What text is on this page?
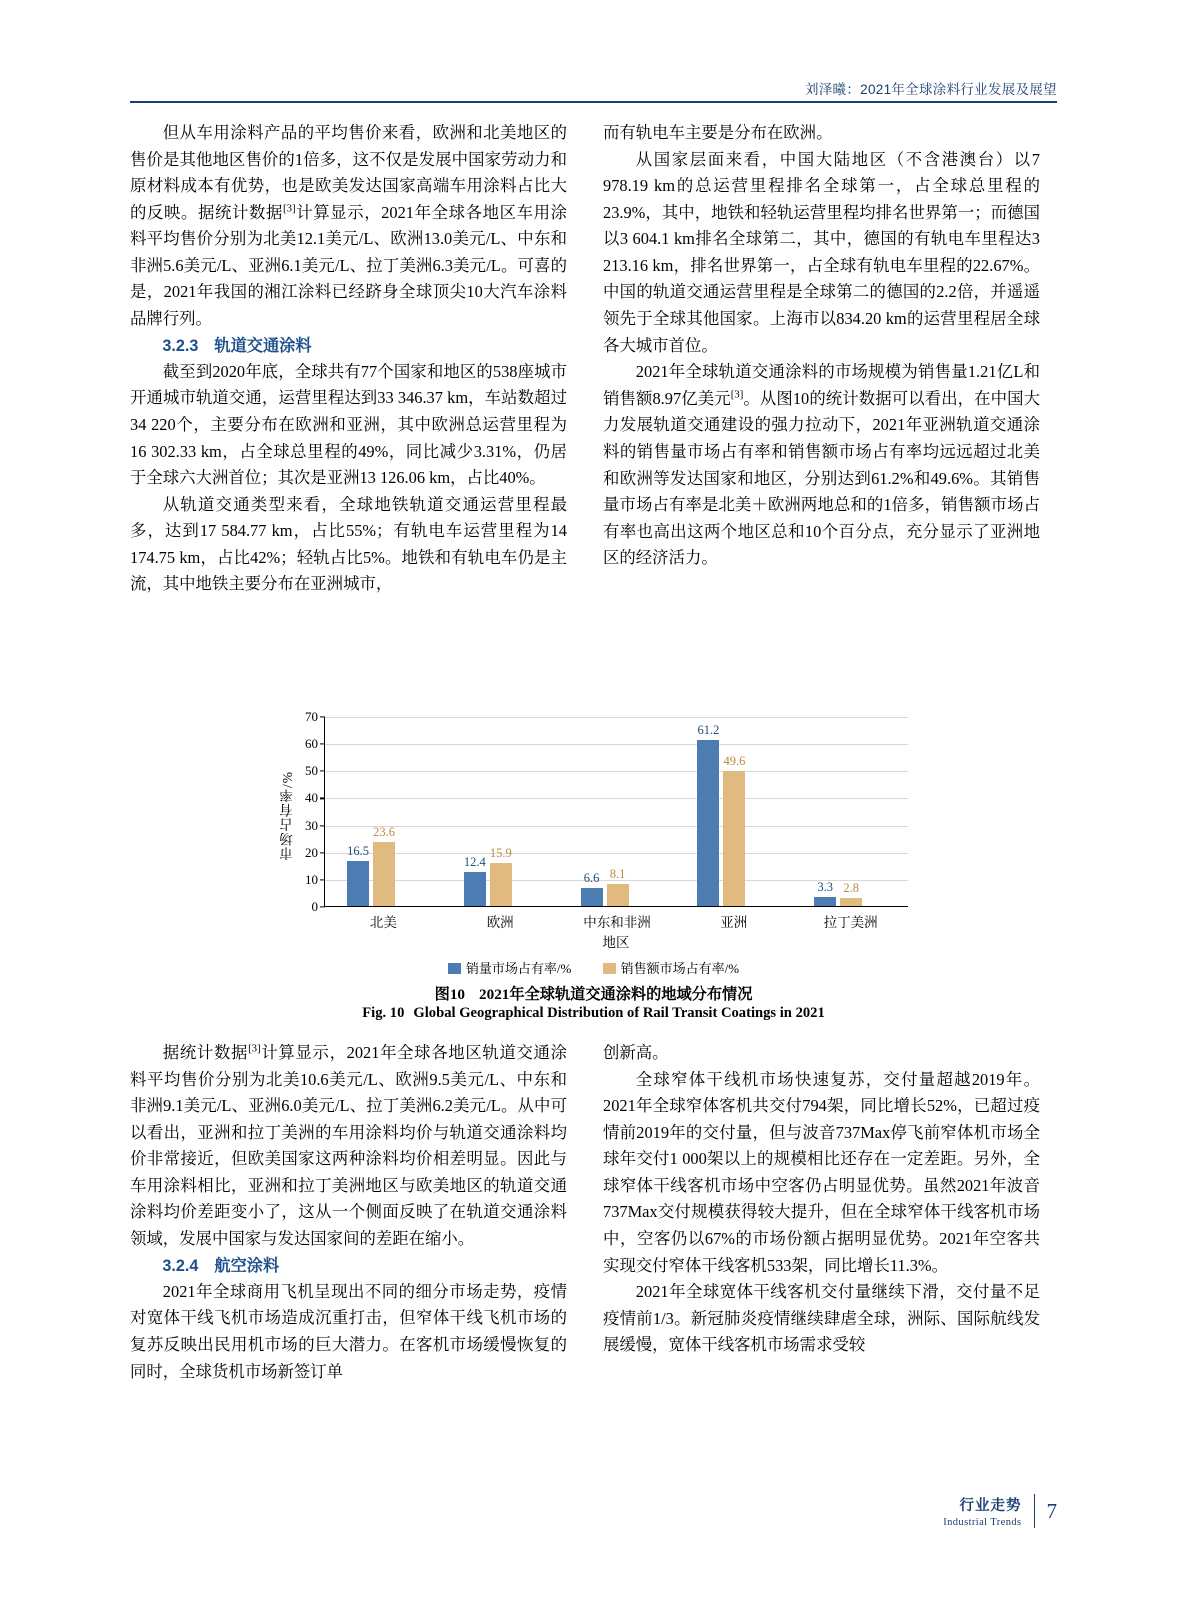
刘泽曦：2021年全球涂料行业发展及展望

但从车用涂料产品的平均售价来看，欧洲和北美地区的售价是其他地区售价的1倍多，这不仅是发展中国家劳动力和原材料成本有优势，也是欧美发达国家高端车用涂料占比大的反映。据统计数据[3]计算显示，2021年全球各地区车用涂料平均售价分别为北美12.1美元/L、欧洲13.0美元/L、中东和非洲5.6美元/L、亚洲6.1美元/L、拉丁美洲6.3美元/L。可喜的是，2021年我国的湘江涂料已经跻身全球顶尖10大汽车涂料品牌行列。

3.2.3 轨道交通涂料

截至到2020年底，全球共有77个国家和地区的538座城市开通城市轨道交通，运营里程达到33 346.37 km，车站数超过34 220个，主要分布在欧洲和亚洲，其中欧洲总运营里程为16 302.33 km，占全球总里程的49%，同比减少3.31%，仍居于全球六大洲首位；其次是亚洲13 126.06 km，占比40%。

从轨道交通类型来看，全球地铁轨道交通运营里程最多，达到17 584.77 km，占比55%；有轨电车运营里程为14 174.75 km，占比42%；轻轨占比5%。地铁和有轨电车仍是主流，其中地铁主要分布在亚洲城市，

而有轨电车主要是分布在欧洲。

从国家层面来看，中国大陆地区（不含港澳台）以7 978.19 km的总运营里程排名全球第一，占全球总里程的23.9%，其中，地铁和轻轨运营里程均排名世界第一；而德国以3 604.1 km排名全球第二，其中，德国的有轨电车里程达3 213.16 km，排名世界第一，占全球有轨电车里程的22.67%。中国的轨道交通运营里程是全球第二的德国的2.2倍，并遥遥领先于全球其他国家。上海市以834.20 km的运营里程居全球各大城市首位。

2021年全球轨道交通涂料的市场规模为销售量1.21亿L和销售额8.97亿美元[3]。从图10的统计数据可以看出，在中国大力发展轨道交通建设的强力拉动下，2021年亚洲轨道交通涂料的销售量市场占有率和销售额市场占有率均远远超过北美和欧洲等发达国家和地区，分别达到61.2%和49.6%。其销售量市场占有率是北美＋欧洲两地总和的1倍多，销售额市场占有率也高出这两个地区总和10个百分点，充分显示了亚洲地区的经济活力。

市场占有率/%
0
10
20
30
40
50
60
70
16.5
23.6
北美
12.4
15.9
欧洲
6.6 8.1
中东和非洲
61.2
49.6
亚洲
3.3 2.8
拉丁美洲
地区
销量市场占有率/%	销售额市场占有率/%
图10 2021年全球轨道交通涂料的地域分布情况
Fig. 10 Global Geographical Distribution of Rail Transit Coatings in 2021

据统计数据[3]计算显示，2021年全球各地区轨道交通涂料平均售价分别为北美10.6美元/L、欧洲9.5美元/L、中东和非洲9.1美元/L、亚洲6.0美元/L、拉丁美洲6.2美元/L。从中可以看出，亚洲和拉丁美洲的车用涂料均价与轨道交通涂料均价非常接近，但欧美国家这两种涂料均价相差明显。因此与车用涂料相比，亚洲和拉丁美洲地区与欧美地区的轨道交通涂料均价差距变小了，这从一个侧面反映了在轨道交通涂料领域，发展中国家与发达国家间的差距在缩小。

3.2.4 航空涂料

2021年全球商用飞机呈现出不同的细分市场走势，疫情对宽体干线飞机市场造成沉重打击，但窄体干线飞机市场的复苏反映出民用机市场的巨大潜力。在客机市场缓慢恢复的同时，全球货机市场新签订单

创新高。

全球窄体干线机市场快速复苏，交付量超越2019年。2021年全球窄体客机共交付794架，同比增长52%，已超过疫情前2019年的交付量，但与波音737Max停飞前窄体机市场全球年交付1 000架以上的规模相比还存在一定差距。另外，全球窄体干线客机市场中空客仍占明显优势。虽然2021年波音737Max交付规模获得较大提升，但在全球窄体干线客机市场中，空客仍以67%的市场份额占据明显优势。2021年空客共实现交付窄体干线客机533架，同比增长11.3%。

2021年全球宽体干线客机交付量继续下滑，交付量不足疫情前1/3。新冠肺炎疫情继续肆虐全球，洲际、国际航线发展缓慢，宽体干线客机市场需求受较

行业走势
Industrial Trends	7
